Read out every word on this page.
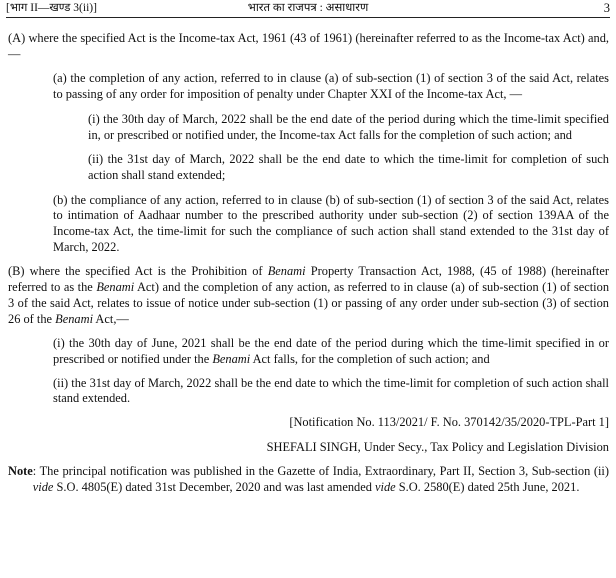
[भाग II—खण्ड 3(ii)]	भारत का राजपत्र : असाधारण	3

(A) where the specified Act is the Income-tax Act, 1961 (43 of 1961) (hereinafter referred to as the Income-tax Act) and, —

(a) the completion of any action, referred to in clause (a) of sub-section (1) of section 3 of the said Act, relates to passing of any order for imposition of penalty under Chapter XXI of the Income-tax Act, —

(i) the 30th day of March, 2022 shall be the end date of the period during which the time-limit specified in, or prescribed or notified under, the Income-tax Act falls for the completion of such action; and

(ii) the 31st day of March, 2022 shall be the end date to which the time-limit for completion of such action shall stand extended;

(b) the compliance of any action, referred to in clause (b) of sub-section (1) of section 3 of the said Act, relates to intimation of Aadhaar number to the prescribed authority under sub-section (2) of section 139AA of the Income-tax Act, the time-limit for such the compliance of such action shall stand extended to the 31st day of March, 2022.

(B) where the specified Act is the Prohibition of Benami Property Transaction Act, 1988, (45 of 1988) (hereinafter referred to as the Benami Act) and the completion of any action, as referred to in clause (a) of sub-section (1) of section 3 of the said Act, relates to issue of notice under sub-section (1) or passing of any order under sub-section (3) of section 26 of the Benami Act,—

(i) the 30th day of June, 2021 shall be the end date of the period during which the time-limit specified in or prescribed or notified under the Benami Act falls, for the completion of such action; and

(ii) the 31st day of March, 2022 shall be the end date to which the time-limit for completion of such action shall stand extended.

[Notification No. 113/2021/ F. No. 370142/35/2020-TPL-Part 1]

SHEFALI SINGH, Under Secy., Tax Policy and Legislation Division

Note : The principal notification was published in the Gazette of India, Extraordinary, Part II, Section 3, Sub-section (ii) vide S.O. 4805(E) dated 31st December, 2020 and was last amended vide S.O. 2580(E) dated 25th June, 2021.
